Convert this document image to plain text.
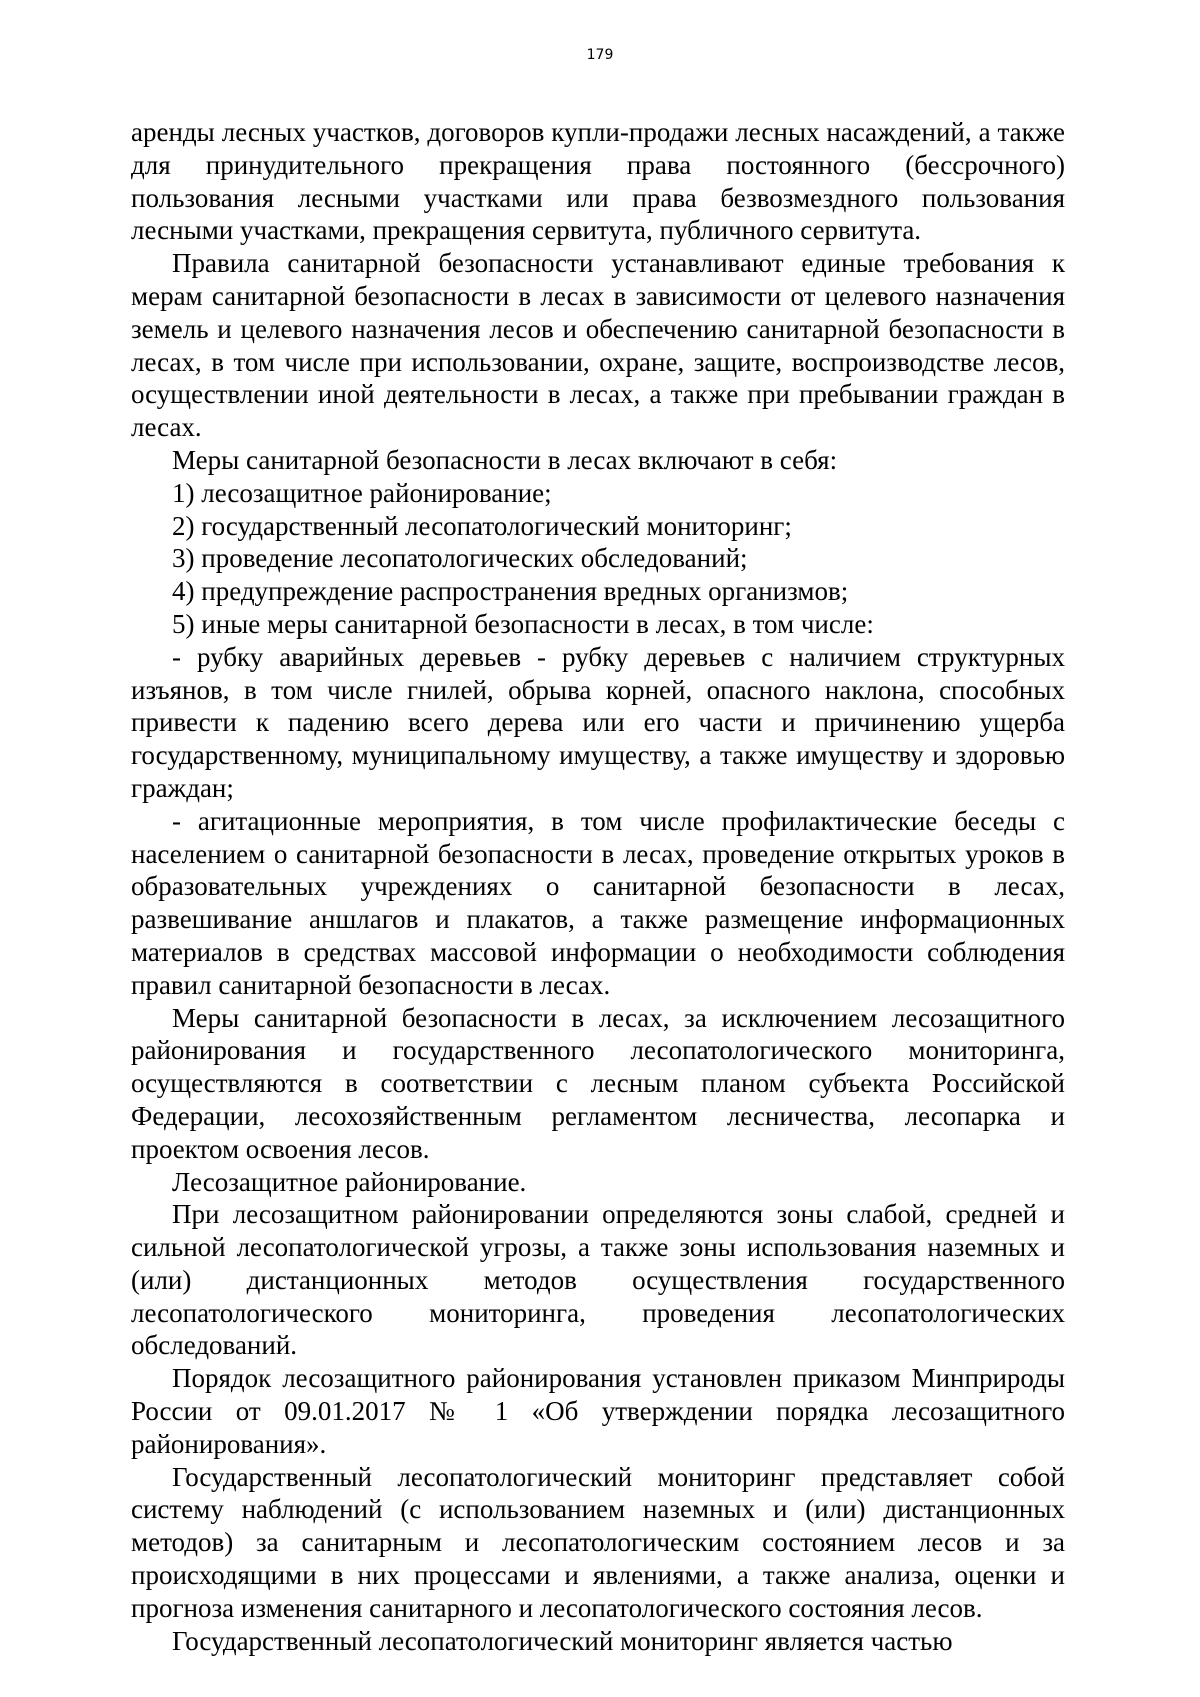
179

аренды лесных участков, договоров купли-продажи лесных насаждений, а также для принудительного прекращения права постоянного (бессрочного) пользования лесными участками или права безвозмездного пользования лесными участками, прекращения сервитута, публичного сервитута.

Правила санитарной безопасности устанавливают единые требования к мерам санитарной безопасности в лесах в зависимости от целевого назначения земель и целевого назначения лесов и обеспечению санитарной безопасности в лесах, в том числе при использовании, охране, защите, воспроизводстве лесов, осуществлении иной деятельности в лесах, а также при пребывании граждан в лесах.

Меры санитарной безопасности в лесах включают в себя:

1) лесозащитное районирование;

2) государственный лесопатологический мониторинг;

3) проведение лесопатологических обследований;

4) предупреждение распространения вредных организмов;

5) иные меры санитарной безопасности в лесах, в том числе:

- рубку аварийных деревьев - рубку деревьев с наличием структурных изъянов, в том числе гнилей, обрыва корней, опасного наклона, способных привести к падению всего дерева или его части и причинению ущерба государственному, муниципальному имуществу, а также имуществу и здоровью граждан;

- агитационные мероприятия, в том числе профилактические беседы с населением о санитарной безопасности в лесах, проведение открытых уроков в образовательных учреждениях о санитарной безопасности в лесах, развешивание аншлагов и плакатов, а также размещение информационных материалов в средствах массовой информации о необходимости соблюдения правил санитарной безопасности в лесах.

Меры санитарной безопасности в лесах, за исключением лесозащитного районирования и государственного лесопатологического мониторинга, осуществляются в соответствии с лесным планом субъекта Российской Федерации, лесохозяйственным регламентом лесничества, лесопарка и проектом освоения лесов.

Лесозащитное районирование.

При лесозащитном районировании определяются зоны слабой, средней и сильной лесопатологической угрозы, а также зоны использования наземных и (или) дистанционных методов осуществления государственного лесопатологического мониторинга, проведения лесопатологических обследований.

Порядок лесозащитного районирования установлен приказом Минприроды России от 09.01.2017 № 1 «Об утверждении порядка лесозащитного районирования».

Государственный лесопатологический мониторинг представляет собой систему наблюдений (с использованием наземных и (или) дистанционных методов) за санитарным и лесопатологическим состоянием лесов и за происходящими в них процессами и явлениями, а также анализа, оценки и прогноза изменения санитарного и лесопатологического состояния лесов.

Государственный лесопатологический мониторинг является частью
